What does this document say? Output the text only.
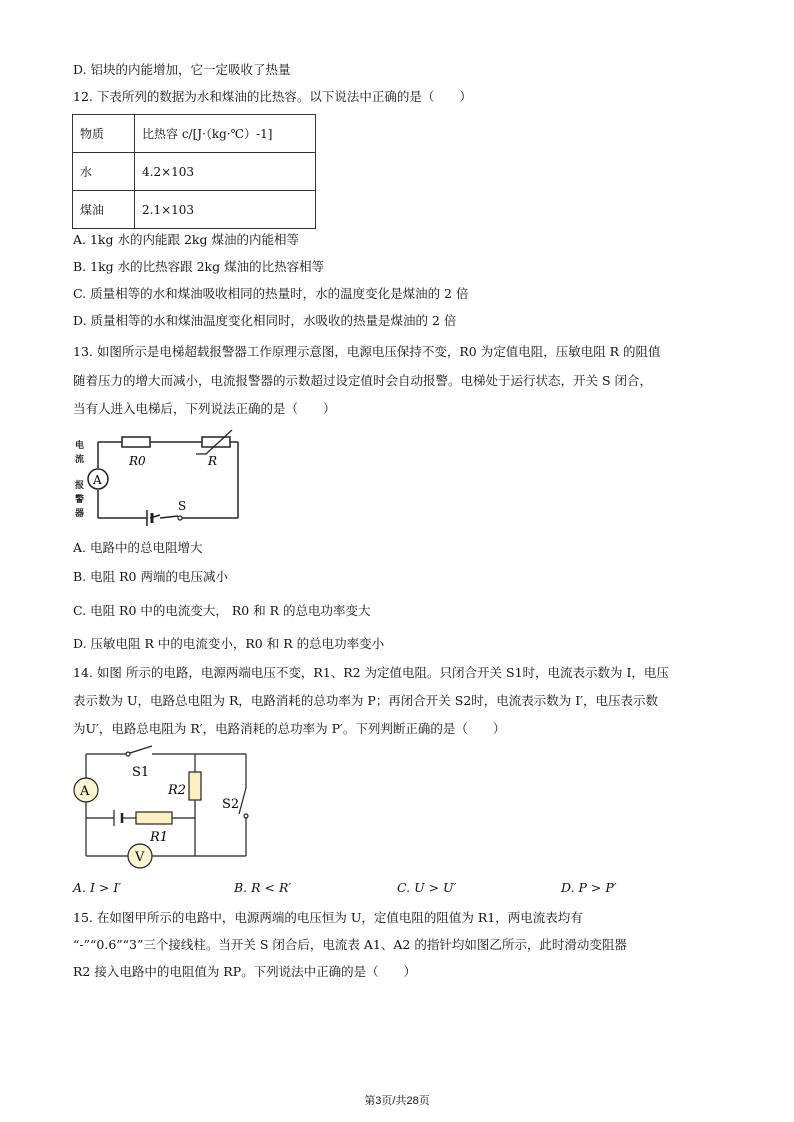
D. 铝块的内能增加，它一定吸收了热量
12. 下表所列的数据为水和煤油的比热容。以下说法中正确的是（　　）
物质	比热容 c/[J·（kg·℃）-1]
水	4.2×103
煤油	2.1×103
A. 1kg 水的内能跟 2kg 煤油的内能相等
B. 1kg 水的比热容跟 2kg 煤油的比热容相等
C. 质量相等的水和煤油吸收相同的热量时，水的温度变化是煤油的 2 倍
D. 质量相等的水和煤油温度变化相同时，水吸收的热量是煤油的 2 倍
13. 如图所示是电梯超载报警器工作原理示意图，电源电压保持不变，R0 为定值电阻，压敏电阻 R 的阻值
随着压力的增大而减小，电流报警器的示数超过设定值时会自动报警。电梯处于运行状态，开关 S 闭合，
当有人进入电梯后，下列说法正确的是（　　）
R0	R
A
S
电
流
报
警
器
A. 电路中的总电阻增大
B. 电阻 R0 两端的电压减小
C. 电阻 R0 中的电流变大， R0 和 R 的总电功率变大
D. 压敏电阻 R 中的电流变小，R0 和 R 的总电功率变小
14. 如图 所示的电路，电源两端电压不变，R1、R2 为定值电阻。只闭合开关 S1时，电流表示数为 I，电压
表示数为 U，电路总电阻为 R，电路消耗的总功率为 P；再闭合开关 S2时，电流表示数为 I′，电压表示数
为U′，电路总电阻为 R′，电路消耗的总功率为 P′。下列判断正确的是（　　）
S1
S2
A	R2
R1
V
A. I > I′	B. R < R′	C. U > U′	D. P > P′
15. 在如图甲所示的电路中，电源两端的电压恒为 U，定值电阻的阻值为 R1，两电流表均有
“-”“0.6”“3”三个接线柱。当开关 S 闭合后，电流表 A1、A2 的指针均如图乙所示，此时滑动变阻器
R2 接入电路中的电阻值为 RP。下列说法中正确的是（　　）
第3页/共28页
